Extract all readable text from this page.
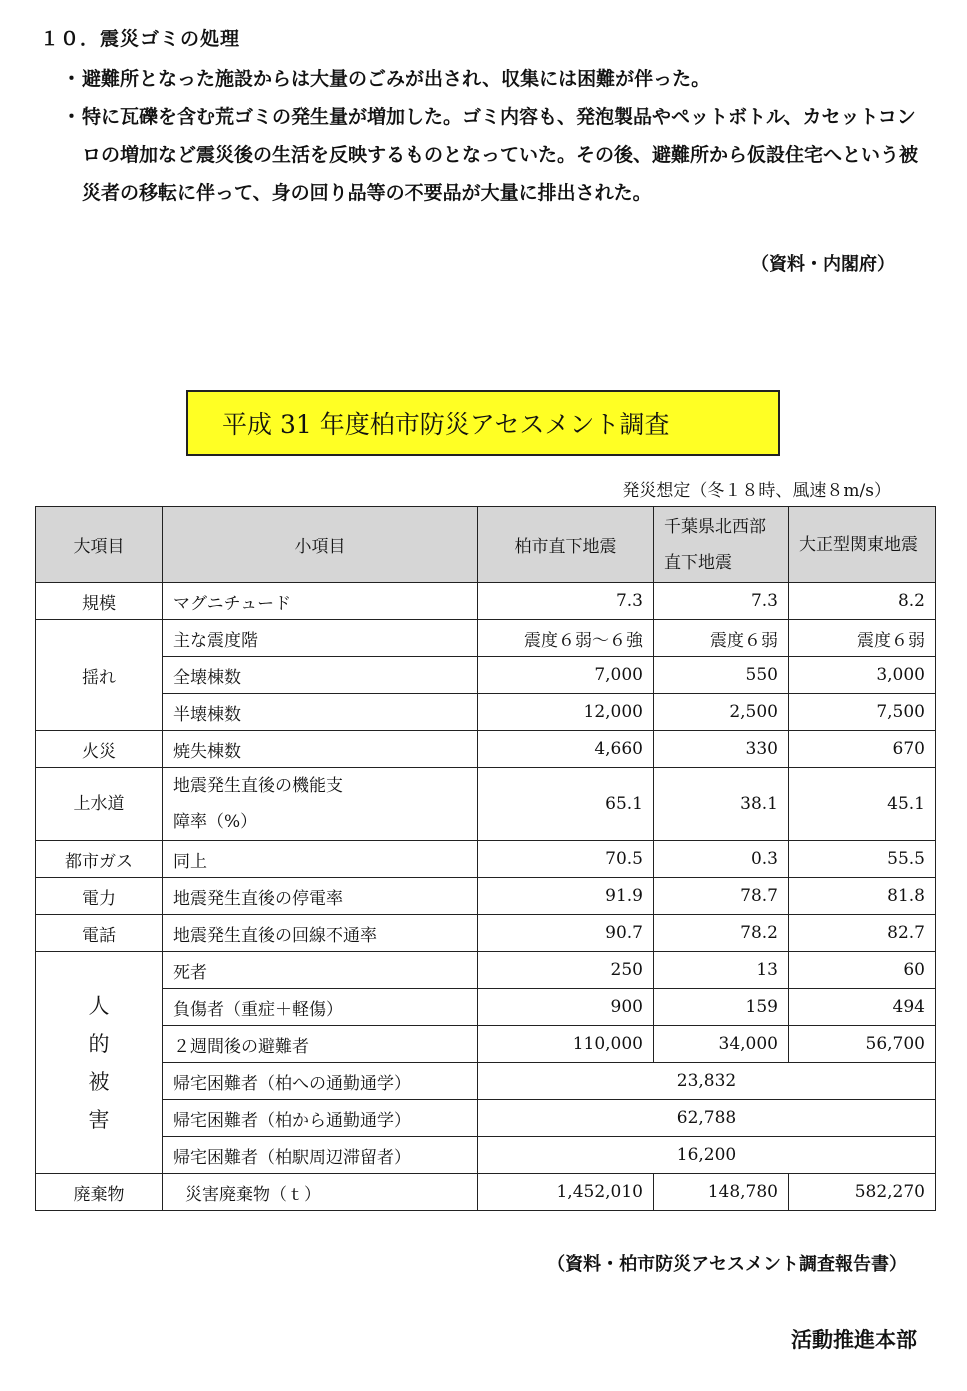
１０．震災ゴミの処理
・ 避難所となった施設からは大量のごみが出され、収集には困難が伴った。
・ 特に瓦礫を含む荒ゴミの発生量が増加した。ゴミ内容も、発泡製品やペットボトル、カセットコンロの増加など震災後の生活を反映するものとなっていた。その後、避難所から仮設住宅へという被災者の移転に伴って、身の回り品等の不要品が大量に排出された。
（資料・内閣府）
平成 31 年度柏市防災アセスメント調査
発災想定（冬１８時、風速８m/s）
大項目	小項目	柏市直下地震	千葉県北西部直下地震	大正型関東地震
規模	マグニチュード	7.3	7.3	8.2
揺れ	主な震度階	震度６弱～６強	震度６弱	震度６弱
	全壊棟数	7,000	550	3,000
	半壊棟数	12,000	2,500	7,500
火災	焼失棟数	4,660	330	670
上水道	地震発生直後の機能支障率（%）	65.1	38.1	45.1
都市ガス	同上	70.5	0.3	55.5
電力	地震発生直後の停電率	91.9	78.7	81.8
電話	地震発生直後の回線不通率	90.7	78.2	82.7
人的被害	死者	250	13	60
	負傷者（重症＋軽傷）	900	159	494
	２週間後の避難者	110,000	34,000	56,700
	帰宅困難者（柏への通勤通学）	23,832		
	帰宅困難者（柏から通勤通学）	62,788		
	帰宅困難者（柏駅周辺滞留者）	16,200		
廃棄物	災害廃棄物（ｔ）	1,452,010	148,780	582,270
（資料・柏市防災アセスメント調査報告書）
活動推進本部
